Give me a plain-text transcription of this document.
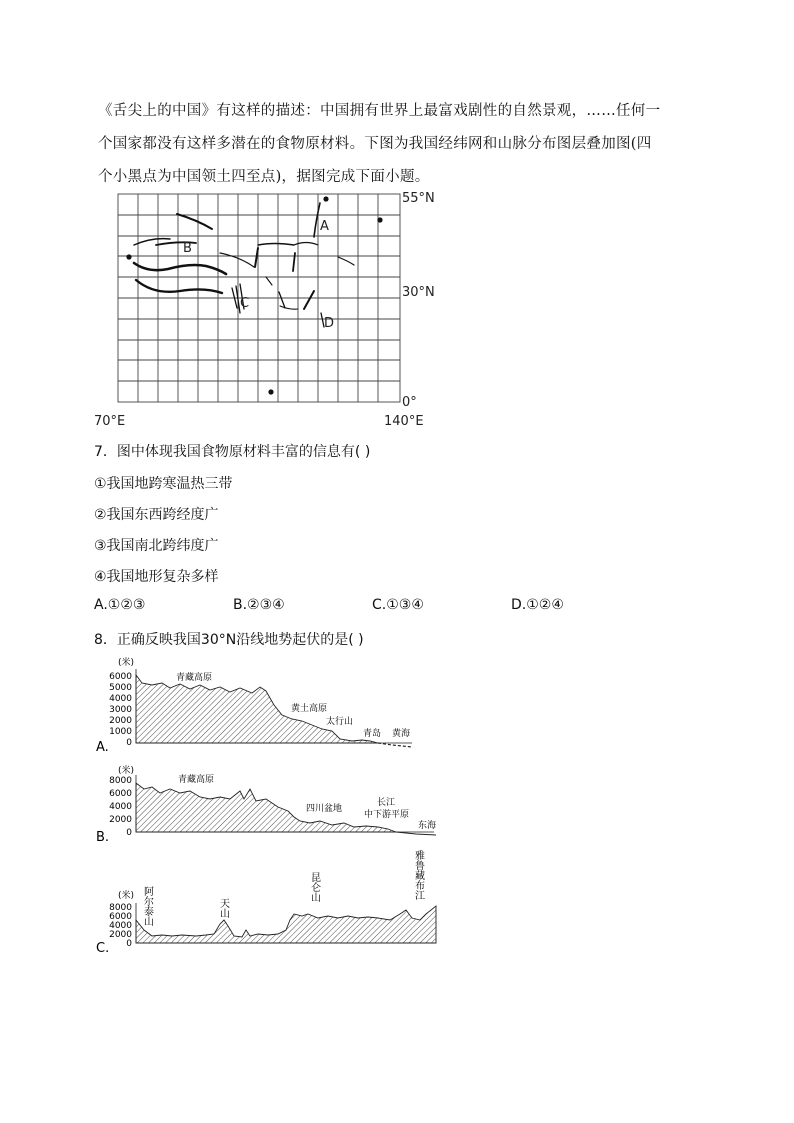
《舌尖上的中国》有这样的描述：中国拥有世界上最富戏剧性的自然景观，……任何一

个国家都没有这样多潜在的食物原材料。下图为我国经纬网和山脉分布图层叠加图(四

个小黑点为中国领土四至点)，据图完成下面小题。

A
B
C
D
55°N
30°N
0°
70°E	140°E
7．图中体现我国食物原材料丰富的信息有( )
①我国地跨寒温热三带
②我国东西跨经度广
③我国南北跨纬度广
④我国地形复杂多样
A.①②③	B.②③④	C.①③④	D.①②④
8．正确反映我国30°N沿线地势起伏的是( )
(米)
6000
5000
4000
3000
2000
1000
0
青藏高原
黄土高原
太行山
青岛 黄海
A.
(米)
8000
6000
4000
2000
0
青藏高原
四川盆地
长江
中下游平原
东海
B.
(米)
8000
6000
4000
2000
0
阿尔泰山	天山
昆仑山	雅鲁藏布江
C.
